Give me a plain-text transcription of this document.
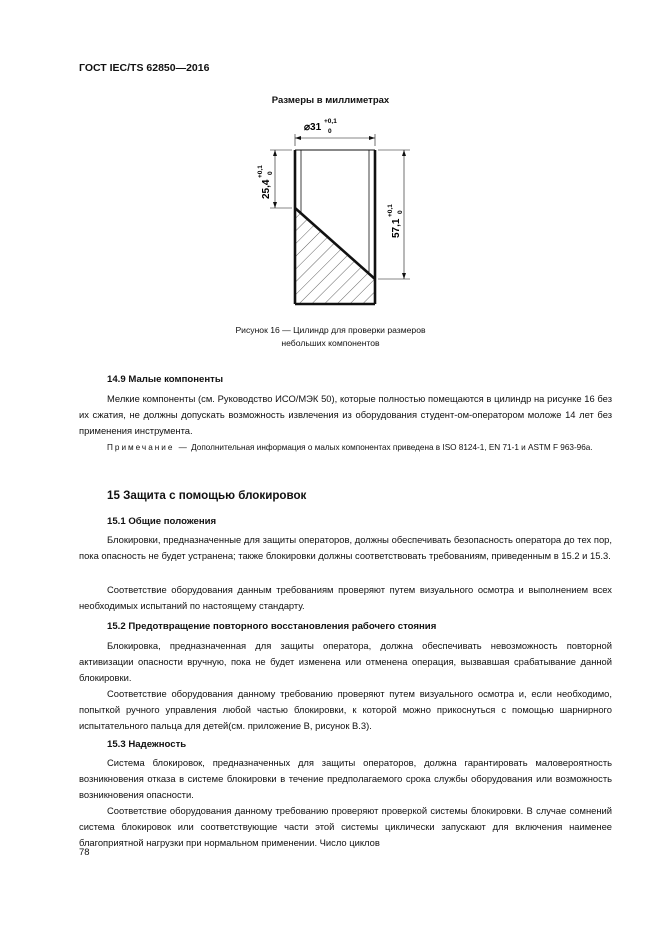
ГОСТ IEC/TS 62850—2016
Размеры в миллиметрах
⌀31
+0,1
0
25,4
+0,1 0
57,1
+0,1 0
Рисунок 16 — Цилиндр для проверки размеров
небольших компонентов
14.9 Малые компоненты
Мелкие компоненты (см. Руководство ИСО/МЭК 50), которые полностью помещаются в цилиндр на рисунке 16 без их сжатия, не должны допускать возможность извлечения из оборудования студент-ом-оператором моложе 14 лет без применения инструмента.
Примечание — Дополнительная информация о малых компонентах приведена в ISO 8124-1, EN 71-1 и ASTM F 963-96a.
15 Защита с помощью блокировок
15.1 Общие положения
Блокировки, предназначенные для защиты операторов, должны обеспечивать безопасность оператора до тех пор, пока опасность не будет устранена; также блокировки должны соответствовать требованиям, приведенным в 15.2 и 15.3.
Соответствие оборудования данным требованиям проверяют путем визуального осмотра и выполнением всех необходимых испытаний по настоящему стандарту.
15.2 Предотвращение повторного восстановления рабочего стояния
Блокировка, предназначенная для защиты оператора, должна обеспечивать невозможность повторной активизации опасности вручную, пока не будет изменена или отменена операция, вызвавшая срабатывание данной блокировки.
Соответствие оборудования данному требованию проверяют путем визуального осмотра и, если необходимо, попыткой ручного управления любой частью блокировки, к которой можно прикоснуться с помощью шарнирного испытательного пальца для детей(см. приложение В, рисунок В.3).
15.3 Надежность
Система блокировок, предназначенных для защиты операторов, должна гарантировать маловероятность возникновения отказа в системе блокировки в течение предполагаемого срока службы оборудования или возможность возникновения опасности.
Соответствие оборудования данному требованию проверяют проверкой системы блокировки. В случае сомнений система блокировок или соответствующие части этой системы циклически запускают для включения наименее благоприятной нагрузки при нормальном применении. Число циклов
78
